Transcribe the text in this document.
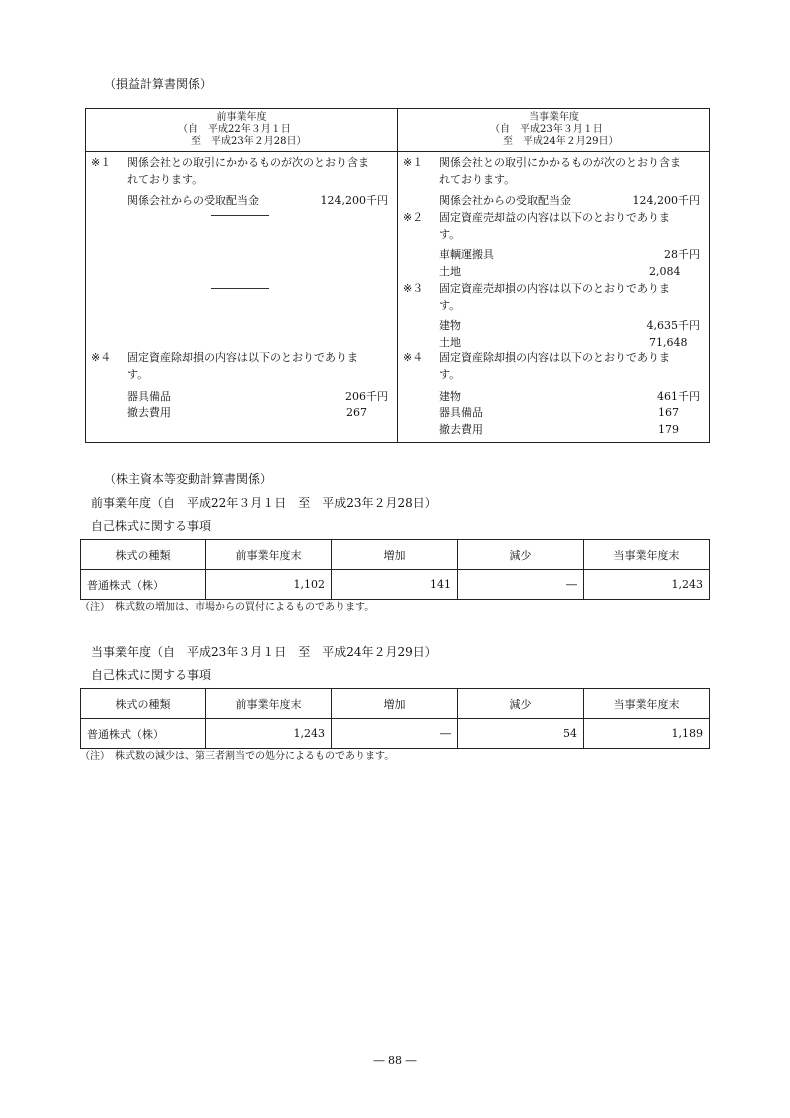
（損益計算書関係）
前事業年度
（自　平成22年３月１日
至　平成23年２月28日）
当事業年度
（自　平成23年３月１日
至　平成24年２月29日）
※１ 関係会社との取引にかかるものが次のとおり含ま
れております。
関係会社からの受取配当金	124,200千円
※４ 固定資産除却損の内容は以下のとおりでありま
す。
器具備品	206千円
撤去費用	267
※１ 関係会社との取引にかかるものが次のとおり含ま
れております。
関係会社からの受取配当金	124,200千円
※２ 固定資産売却益の内容は以下のとおりでありま
す。
車輌運搬具	28千円
土地	2,084
※３ 固定資産売却損の内容は以下のとおりでありま
す。
建物	4,635千円
土地	71,648
※４ 固定資産除却損の内容は以下のとおりでありま
す。
建物	461千円
器具備品	167
撤去費用	179
（株主資本等変動計算書関係）
前事業年度（自　平成22年３月１日　至　平成23年２月28日）
自己株式に関する事項
株式の種類	前事業年度末	増加	減少	当事業年度末
普通株式（株）	1,102	141	―	1,243
（注）　株式数の増加は、市場からの買付によるものであります。
当事業年度（自　平成23年３月１日　至　平成24年２月29日）
自己株式に関する事項
株式の種類	前事業年度末	増加	減少	当事業年度末
普通株式（株）	1,243	―	54	1,189
（注）　株式数の減少は、第三者割当での処分によるものであります。
― 88 ―
